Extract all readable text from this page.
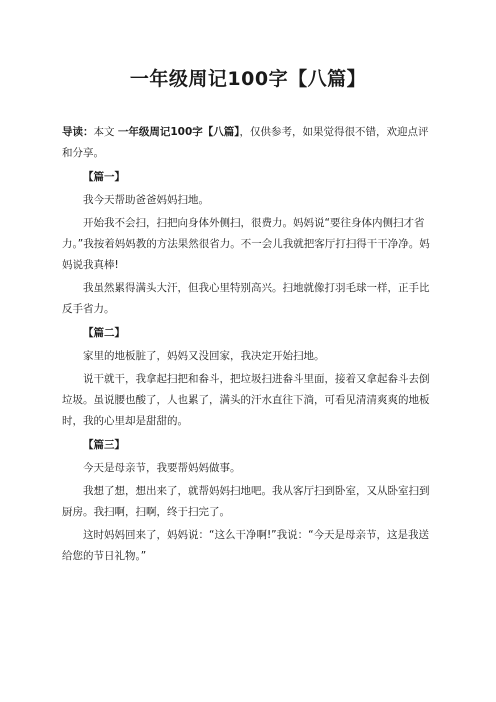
一年级周记100字【八篇】

导读：本文 一年级周记100字【八篇】，仅供参考，如果觉得很不错，欢迎点评和分享。

【篇一】

我今天帮助爸爸妈妈扫地。

开始我不会扫，扫把向身体外侧扫，很费力。妈妈说“要往身体内侧扫才省力。”我按着妈妈教的方法果然很省力。不一会儿我就把客厅打扫得干干净净。妈妈说我真棒!

我虽然累得满头大汗，但我心里特别高兴。扫地就像打羽毛球一样，正手比反手省力。

【篇二】

家里的地板脏了，妈妈又没回家，我决定开始扫地。

说干就干，我拿起扫把和畚斗，把垃圾扫进畚斗里面，接着又拿起畚斗去倒垃圾。虽说腰也酸了，人也累了，满头的汗水直往下淌，可看见清清爽爽的地板时，我的心里却是甜甜的。

【篇三】

今天是母亲节，我要帮妈妈做事。

我想了想，想出来了，就帮妈妈扫地吧。我从客厅扫到卧室，又从卧室扫到厨房。我扫啊，扫啊，终于扫完了。

这时妈妈回来了，妈妈说：“这么干净啊!”我说：“今天是母亲节，这是我送给您的节日礼物。”
